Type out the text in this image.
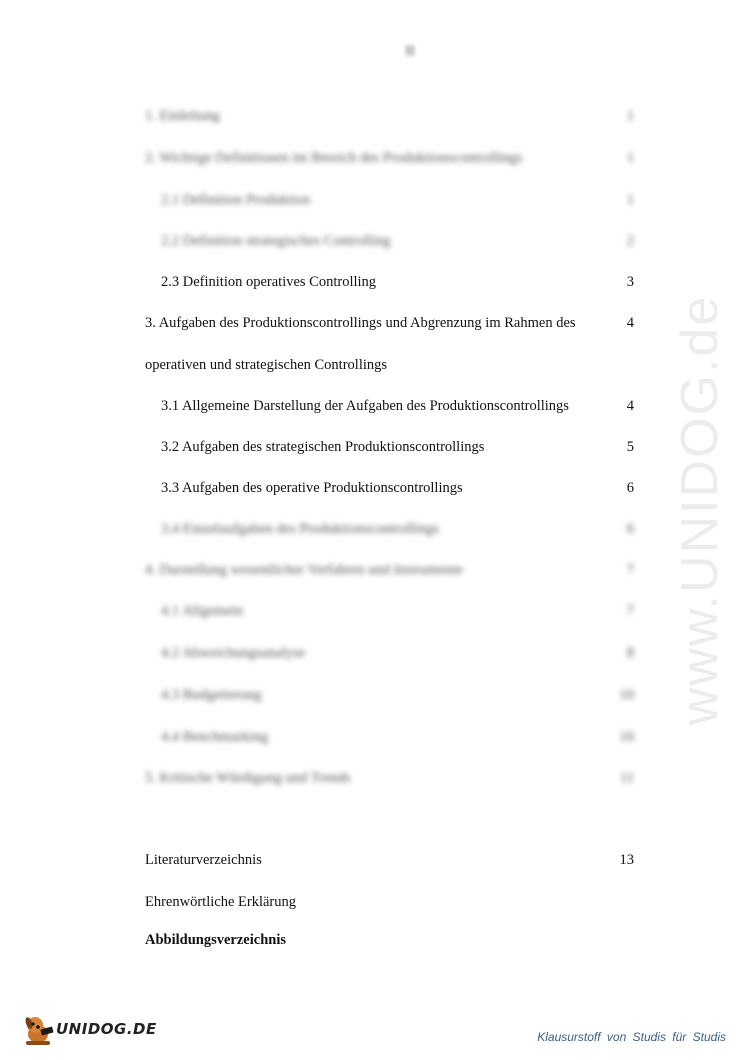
II
1. Einleitung	1
2. Wichtige Definitionen im Bereich des Produktionscontrollings	1
2.1 Definition Produktion	1
2.2 Definition strategisches Controlling	2
2.3 Definition operatives Controlling	3
3. Aufgaben des Produktionscontrollings und Abgrenzung im Rahmen des	4
operativen und strategischen Controllings
3.1 Allgemeine Darstellung der Aufgaben des Produktionscontrollings	4
3.2 Aufgaben des strategischen Produktionscontrollings	5
3.3 Aufgaben des operative Produktionscontrollings	6
3.4 Einzelaufgaben des Produktionscontrollings	6
4. Darstellung wesentlicher Verfahren und Instrumente	7
4.1 Allgemein	7
4.2 Abweichungsanalyse	8
4.3 Budgetierung	10
4.4 Benchmarking	10
5. Kritische Würdigung und Trends	11
Literaturverzeichnis	13
Ehrenwörtliche Erklärung
Abbildungsverzeichnis
www.UNIDOG.de
UNIDOG.DE	Klausurstoff von Studis für Studis
